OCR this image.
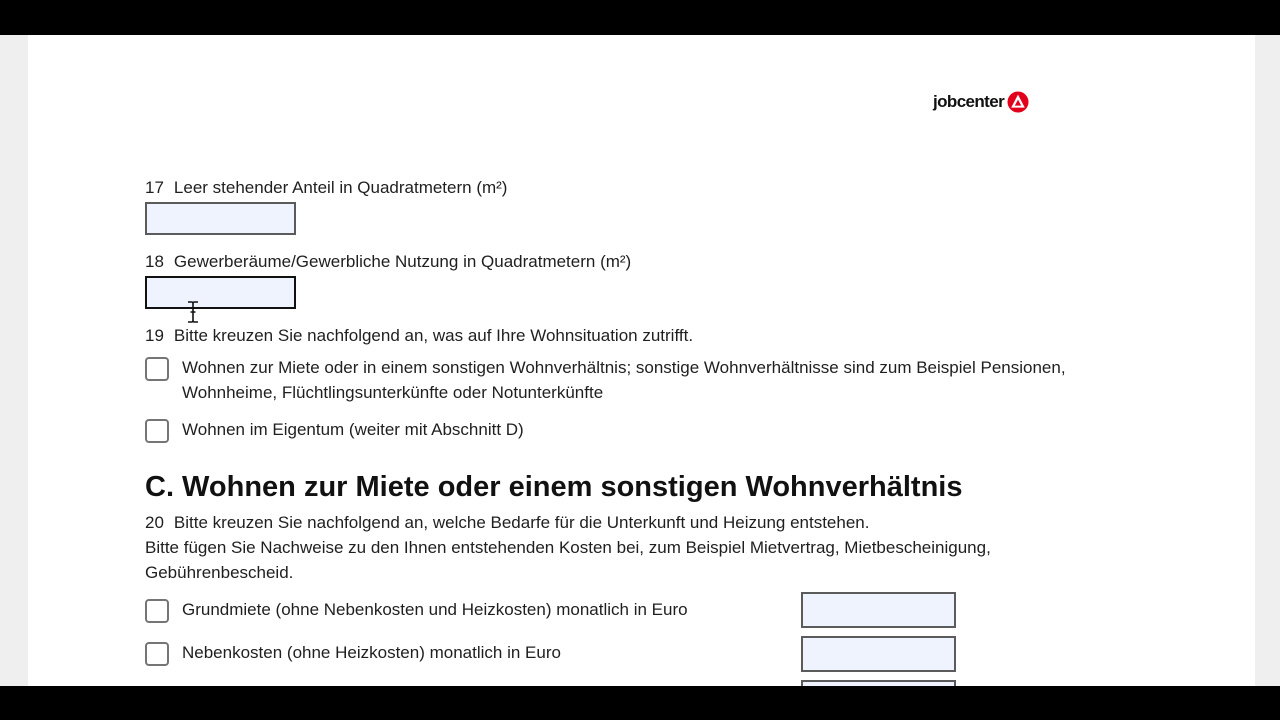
jobcenter
17 Leer stehender Anteil in Quadratmetern (m²)
18 Gewerberäume/Gewerbliche Nutzung in Quadratmetern (m²)
19 Bitte kreuzen Sie nachfolgend an, was auf Ihre Wohnsituation zutrifft.
Wohnen zur Miete oder in einem sonstigen Wohnverhältnis; sonstige Wohnverhältnisse sind zum Beispiel Pensionen,
Wohnheime, Flüchtlingsunterkünfte oder Notunterkünfte
Wohnen im Eigentum (weiter mit Abschnitt D)
C. Wohnen zur Miete oder einem sonstigen Wohnverhältnis
20 Bitte kreuzen Sie nachfolgend an, welche Bedarfe für die Unterkunft und Heizung entstehen.
Bitte fügen Sie Nachweise zu den Ihnen entstehenden Kosten bei, zum Beispiel Mietvertrag, Mietbescheinigung,
Gebührenbescheid.
Grundmiete (ohne Nebenkosten und Heizkosten) monatlich in Euro
Nebenkosten (ohne Heizkosten) monatlich in Euro
